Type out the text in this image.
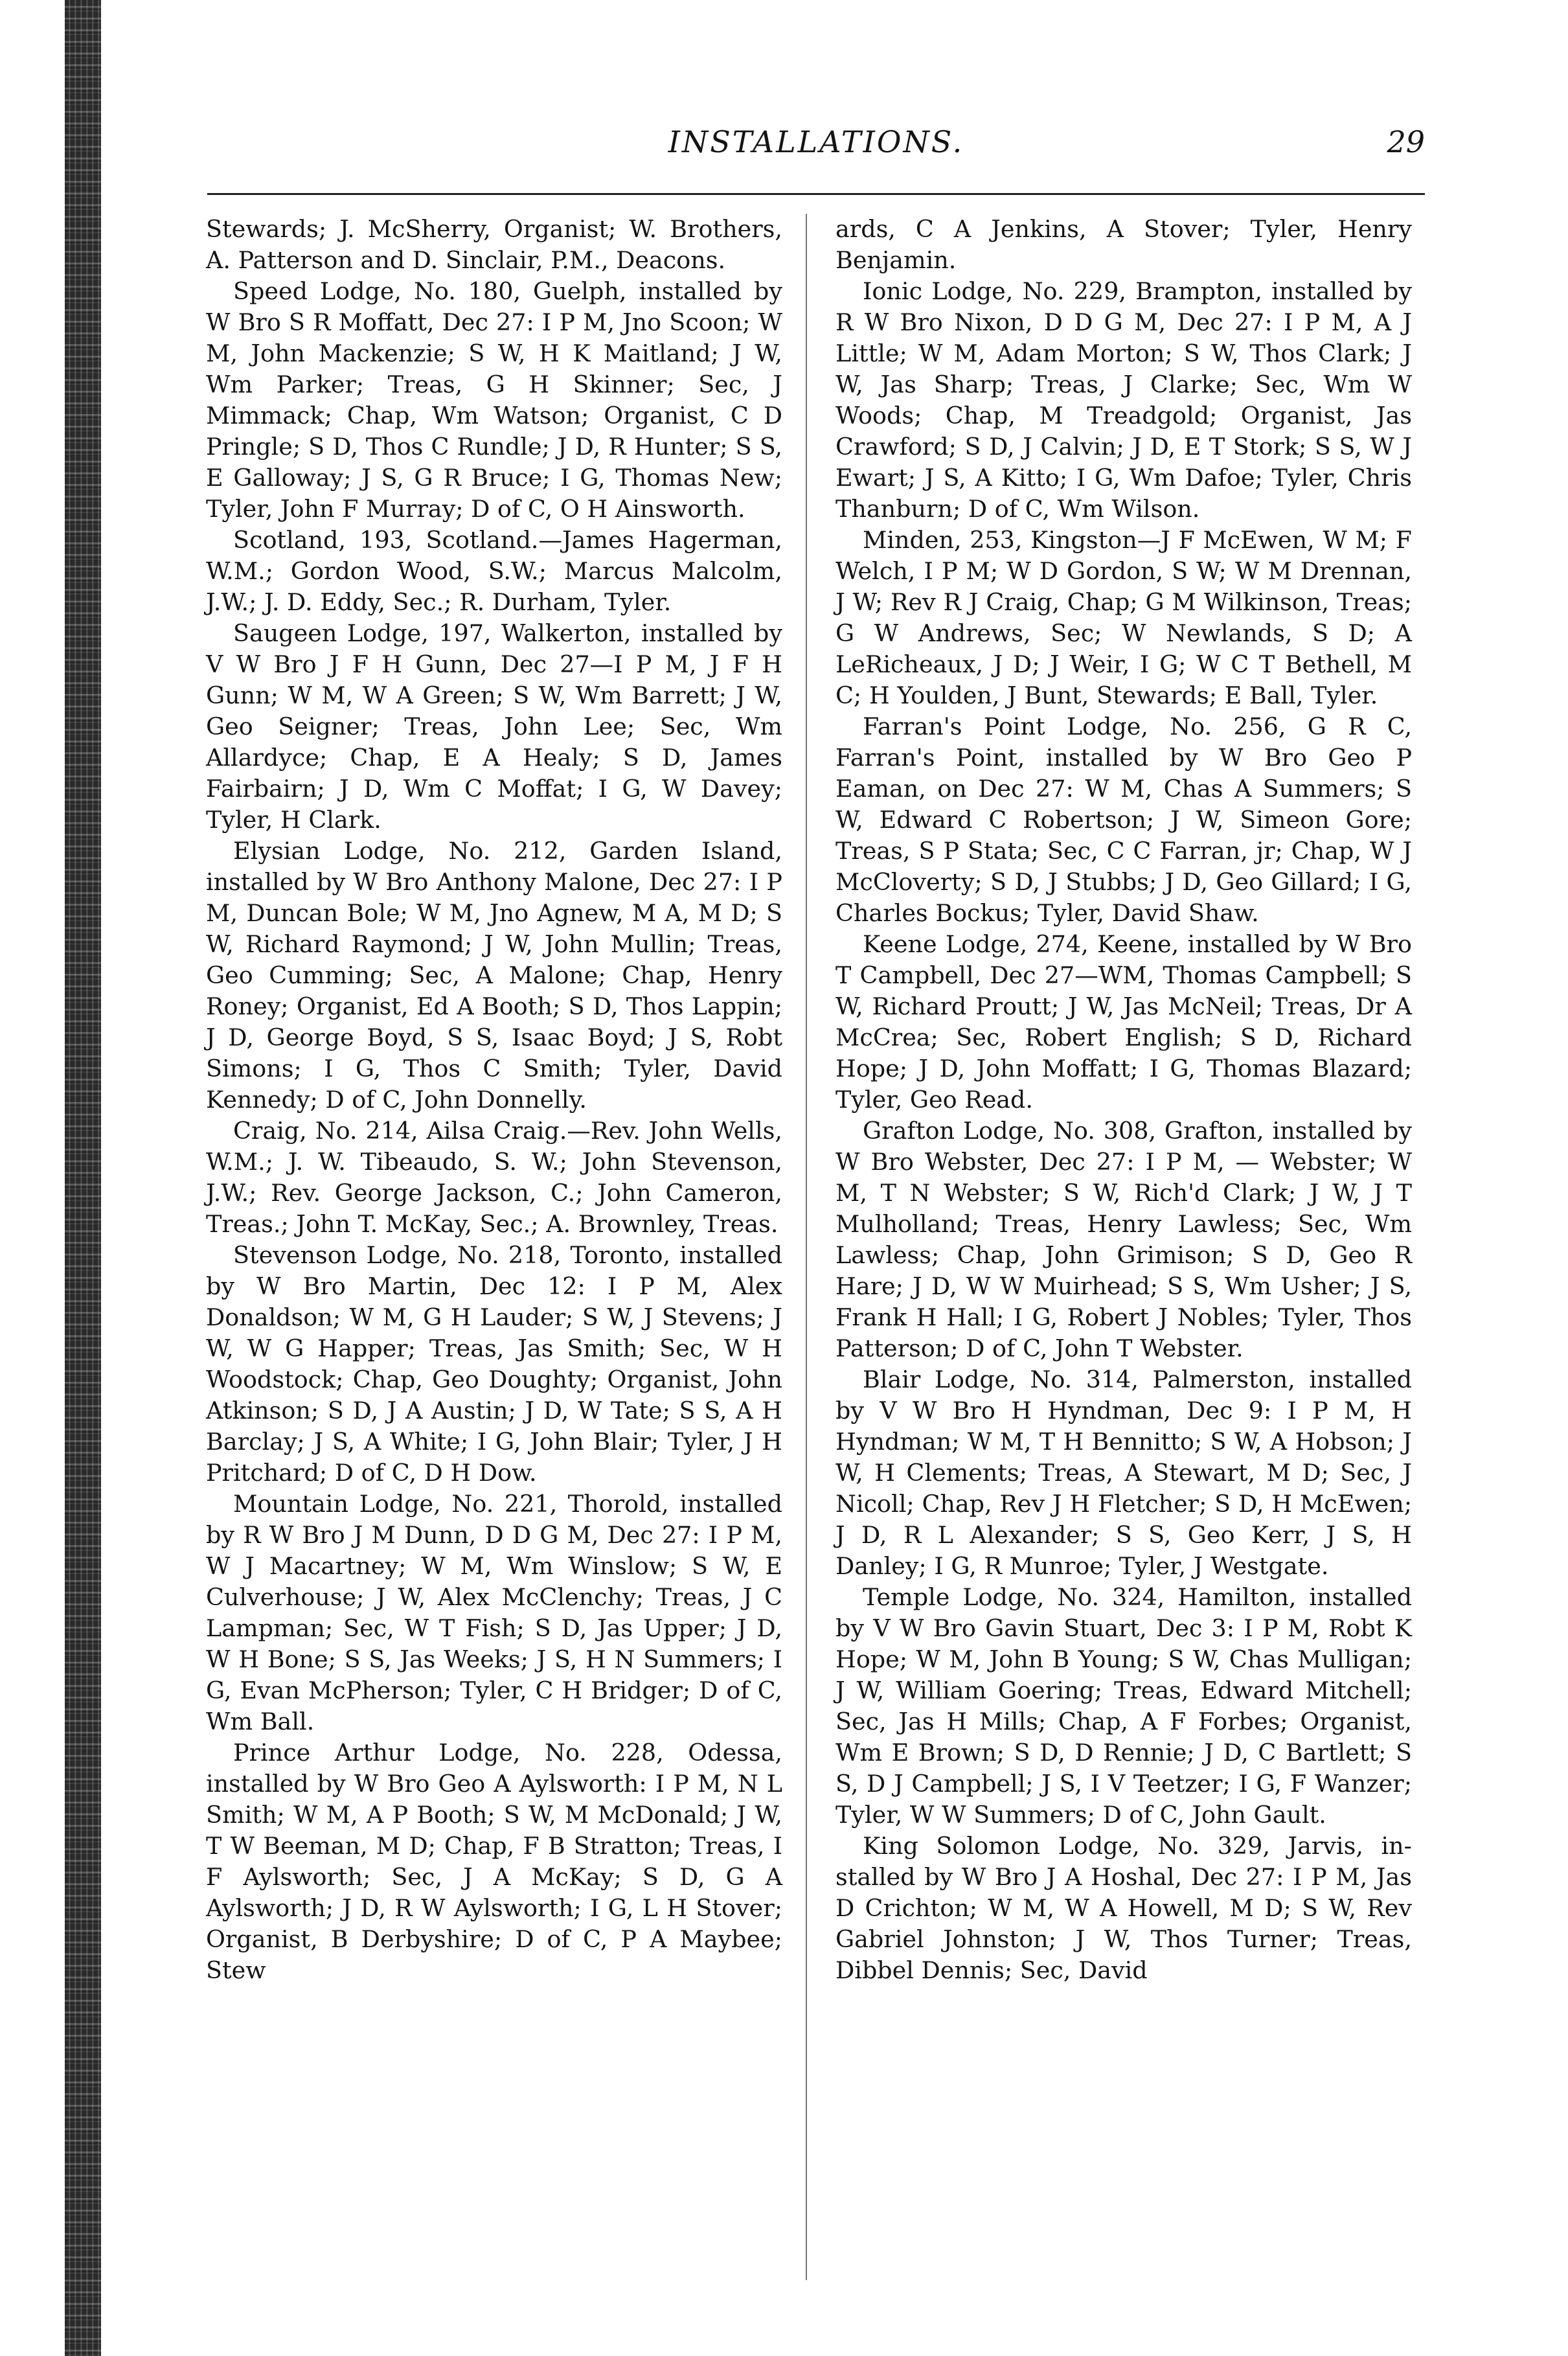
INSTALLATIONS.	29

Stewards; J. McSherry, Organist; W. Brothers, A. Patterson and D. Sinclair, P.M., Deacons.

Speed Lodge, No. 180, Guelph, installed by W Bro S R Moffatt, Dec 27: I P M, Jno Scoon; W M, John Mackenzie; S W, H K Maitland; J W, Wm Parker; Treas, G H Skinner; Sec, J Mimmack; Chap, Wm Watson; Organist, C D Pringle; S D, Thos C Rundle; J D, R Hunter; S S, E Galloway; J S, G R Bruce; I G, Thomas New; Tyler, John F Murray; D of C, O H Ainsworth.

Scotland, 193, Scotland.—James Hagerman, W.M.; Gordon Wood, S.W.; Marcus Malcolm, J.W.; J. D. Eddy, Sec.; R. Durham, Tyler.

Saugeen Lodge, 197, Walkerton, installed by V W Bro J F H Gunn, Dec 27—I P M, J F H Gunn; W M, W A Green; S W, Wm Barrett; J W, Geo Seigner; Treas, John Lee; Sec, Wm Allardyce; Chap, E A Healy; S D, James Fairbairn; J D, Wm C Moffat; I G, W Davey; Tyler, H Clark.

Elysian Lodge, No. 212, Garden Island, installed by W Bro Anthony Malone, Dec 27: I P M, Duncan Bole; W M, Jno Agnew, M A, M D; S W, Richard Raymond; J W, John Mullin; Treas, Geo Cumming; Sec, A Malone; Chap, Henry Roney; Organist, Ed A Booth; S D, Thos Lappin; J D, George Boyd, S S, Isaac Boyd; J S, Robt Simons; I G, Thos C Smith; Tyler, David Kennedy; D of C, John Donnelly.

Craig, No. 214, Ailsa Craig.—Rev. John Wells, W.M.; J. W. Tibeaudo, S. W.; John Stevenson, J.W.; Rev. George Jackson, C.; John Cameron, Treas.; John T. McKay, Sec.; A. Brownley, Treas.

Stevenson Lodge, No. 218, Toronto, installed by W Bro Martin, Dec 12: I P M, Alex Donaldson; W M, G H Lauder; S W, J Stevens; J W, W G Happer; Treas, Jas Smith; Sec, W H Woodstock; Chap, Geo Doughty; Organist, John Atkinson; S D, J A Austin; J D, W Tate; S S, A H Barclay; J S, A White; I G, John Blair; Tyler, J H Pritchard; D of C, D H Dow.

Mountain Lodge, No. 221, Thorold, installed by R W Bro J M Dunn, D D G M, Dec 27: I P M, W J Macartney; W M, Wm Winslow; S W, E Culverhouse; J W, Alex McClenchy; Treas, J C Lampman; Sec, W T Fish; S D, Jas Upper; J D, W H Bone; S S, Jas Weeks; J S, H N Summers; I G, Evan McPherson; Tyler, C H Bridger; D of C, Wm Ball.

Prince Arthur Lodge, No. 228, Odessa, installed by W Bro Geo A Aylsworth: I P M, N L Smith; W M, A P Booth; S W, M McDonald; J W, T W Beeman, M D; Chap, F B Stratton; Treas, I F Aylsworth; Sec, J A McKay; S D, G A Aylsworth; J D, R W Aylsworth; I G, L H Stover; Organist, B Derbyshire; D of C, P A Maybee; Stew

ards, C A Jenkins, A Stover; Tyler, Henry Benjamin.

Ionic Lodge, No. 229, Brampton, installed by R W Bro Nixon, D D G M, Dec 27: I P M, A J Little; W M, Adam Morton; S W, Thos Clark; J W, Jas Sharp; Treas, J Clarke; Sec, Wm W Woods; Chap, M Treadgold; Organist, Jas Crawford; S D, J Calvin; J D, E T Stork; S S, W J Ewart; J S, A Kitto; I G, Wm Dafoe; Tyler, Chris Thanburn; D of C, Wm Wilson.

Minden, 253, Kingston—J F McEwen, W M; F Welch, I P M; W D Gordon, S W; W M Drennan, J W; Rev R J Craig, Chap; G M Wilkinson, Treas; G W Andrews, Sec; W Newlands, S D; A LeRicheaux, J D; J Weir, I G; W C T Bethell, M C; H Youlden, J Bunt, Stewards; E Ball, Tyler.

Farran's Point Lodge, No. 256, G R C, Farran's Point, installed by W Bro Geo P Eaman, on Dec 27: W M, Chas A Summers; S W, Edward C Robertson; J W, Simeon Gore; Treas, S P Stata; Sec, C C Farran, jr; Chap, W J McCloverty; S D, J Stubbs; J D, Geo Gillard; I G, Charles Bockus; Tyler, David Shaw.

Keene Lodge, 274, Keene, installed by W Bro T Campbell, Dec 27—WM, Thomas Campbell; S W, Richard Proutt; J W, Jas McNeil; Treas, Dr A McCrea; Sec, Robert English; S D, Richard Hope; J D, John Moffatt; I G, Thomas Blazard; Tyler, Geo Read.

Grafton Lodge, No. 308, Grafton, installed by W Bro Webster, Dec 27: I P M, — Webster; W M, T N Webster; S W, Rich'd Clark; J W, J T Mulholland; Treas, Henry Lawless; Sec, Wm Lawless; Chap, John Grimison; S D, Geo R Hare; J D, W W Muirhead; S S, Wm Usher; J S, Frank H Hall; I G, Robert J Nobles; Tyler, Thos Patterson; D of C, John T Webster.

Blair Lodge, No. 314, Palmerston, installed by V W Bro H Hyndman, Dec 9: I P M, H Hyndman; W M, T H Bennitto; S W, A Hobson; J W, H Clements; Treas, A Stewart, M D; Sec, J Nicoll; Chap, Rev J H Fletcher; S D, H McEwen; J D, R L Alexander; S S, Geo Kerr, J S, H Danley; I G, R Munroe; Tyler, J Westgate.

Temple Lodge, No. 324, Hamilton, installed by V W Bro Gavin Stuart, Dec 3: I P M, Robt K Hope; W M, John B Young; S W, Chas Mulligan; J W, William Goering; Treas, Edward Mitchell; Sec, Jas H Mills; Chap, A F Forbes; Organist, Wm E Brown; S D, D Rennie; J D, C Bartlett; S S, D J Campbell; J S, I V Teetzer; I G, F Wanzer; Tyler, W W Summers; D of C, John Gault.

King Solomon Lodge, No. 329, Jarvis, installed by W Bro J A Hoshal, Dec 27: I P M, Jas D Crichton; W M, W A Howell, M D; S W, Rev Gabriel Johnston; J W, Thos Turner; Treas, Dibbel Dennis; Sec, David
